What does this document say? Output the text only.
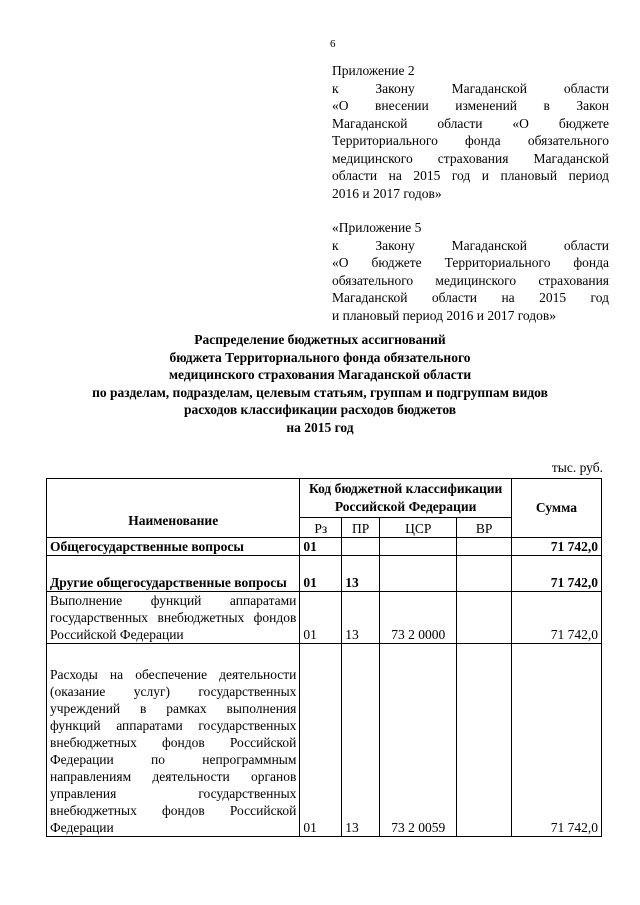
6
Приложение 2
к Закону Магаданской области
«О внесении изменений в Закон
Магаданской области «О бюджете
Территориального фонда обязательного
медицинского страхования Магаданской
области на 2015 год и плановый период
2016 и 2017 годов»
«Приложение 5
к Закону Магаданской области
«О бюджете Территориального фонда
обязательного медицинского страхования
Магаданской области на 2015 год
и плановый период 2016 и 2017 годов»
Распределение бюджетных ассигнований
бюджета Территориального фонда обязательного
медицинского страхования Магаданской области
по разделам, подразделам, целевым статьям, группам и подгруппам видов
расходов классификации расходов бюджетов
на 2015 год
тыс. руб.
Наименование	Код бюджетной классификации Российской Федерации				Сумма
	Рз	ПР	ЦСР	ВР	
Общегосударственные вопросы	01				71 742,0
Другие общегосударственные вопросы	01	13			71 742,0
Выполнение функций аппаратами государственных внебюджетных фондов Российской Федерации	01	13	73 2 0000		71 742,0
Расходы на обеспечение деятельности (оказание услуг) государственных учреждений в рамках выполнения функций аппаратами государственных внебюджетных фондов Российской Федерации по непрограммным направлениям деятельности органов управления государственных внебюджетных фондов Российской Федерации	01	13	73 2 0059		71 742,0
